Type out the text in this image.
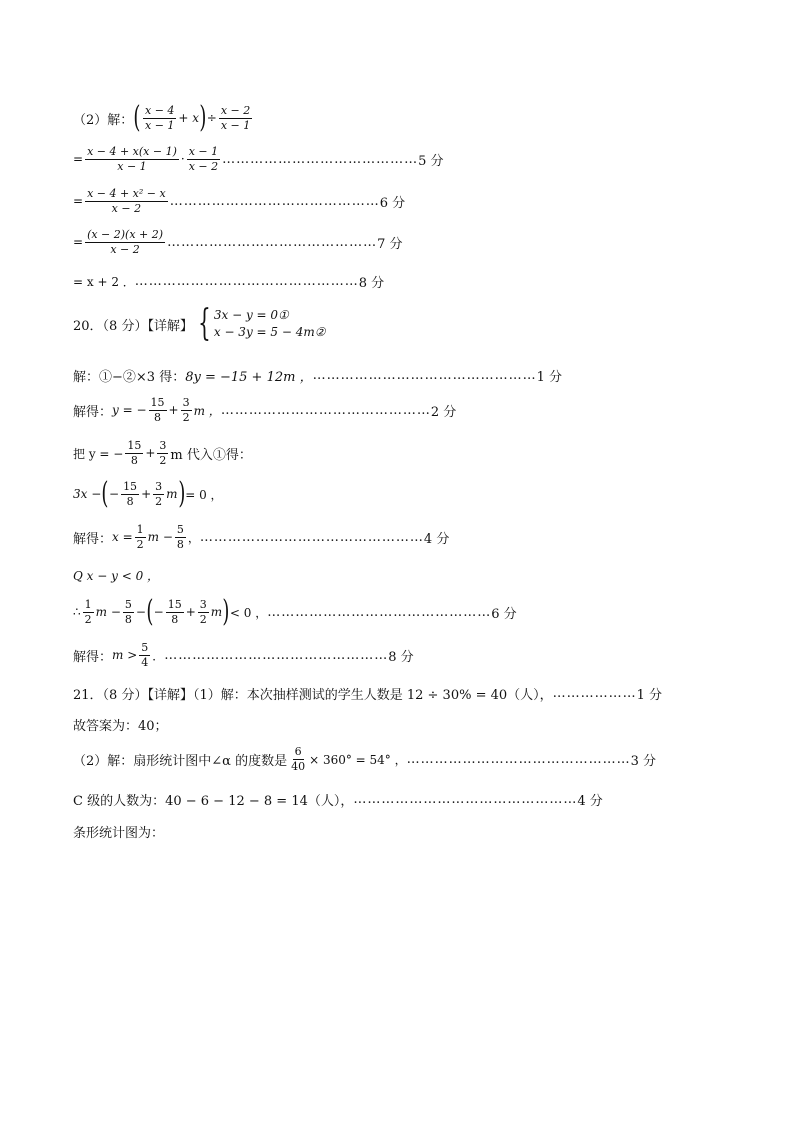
（2）解： ( $\frac{x - 4}{x - 1} + x$ ) ÷ $\frac{x - 2}{x - 1}$
= $\frac{x - 4 + x(x - 1)}{x - 1} \cdot \frac{x - 1}{x - 2}$ …………………………………… 5 分
= $\frac{\text{x − 4 + x² − x}}{x - 2}$ ……………………………………… 6 分
= $\frac{(x - 2)(x + 2)}{x - 2}$ ……………………………………… 7 分
= x + 2 ． ………………………………………… 8 分
20．（8 分）【详解】 { 3x − y = 0①
x − 3y = 5 − 4m②
解：①−②×3 得： 8y = −15 + 12m ， ………………………………………… 1 分
解得： y = − $\frac{15}{8} + \frac{3}{2}$ m ， ……………………………………… 2 分
把 y = − $\frac{15}{8} + \frac{3}{2}$ m 代入①得：
3x − ( − $\frac{15}{8} + \frac{3}{2}$ m ) = 0 ，
解得： $x = \frac{1}{2}$ $m - \frac{5}{8}$ ， ………………………………………… 4 分
Q x − y < 0 ，
∴ $\frac{1}{2}$ $m - \frac{5}{8}$ − ( − $\frac{15}{8} + \frac{3}{2}$ m ) < 0 ， ………………………………………… 6 分
解得： $m > \frac{5}{4}$ ． ………………………………………… 8 分
21．（8 分）【详解】（1）解：本次抽样测试的学生人数是 12 ÷ 30% = 40（人）， ……………… 1 分
故答案为：40；
（2）解：扇形统计图中∠α 的度数是 $\frac{6}{40} \times 360^\circ = 54^\circ$ ， ………………………………………… 3 分
C 级的人数为：40 − 6 − 12 − 8 = 14（人）， ………………………………………… 4 分
条形统计图为：
